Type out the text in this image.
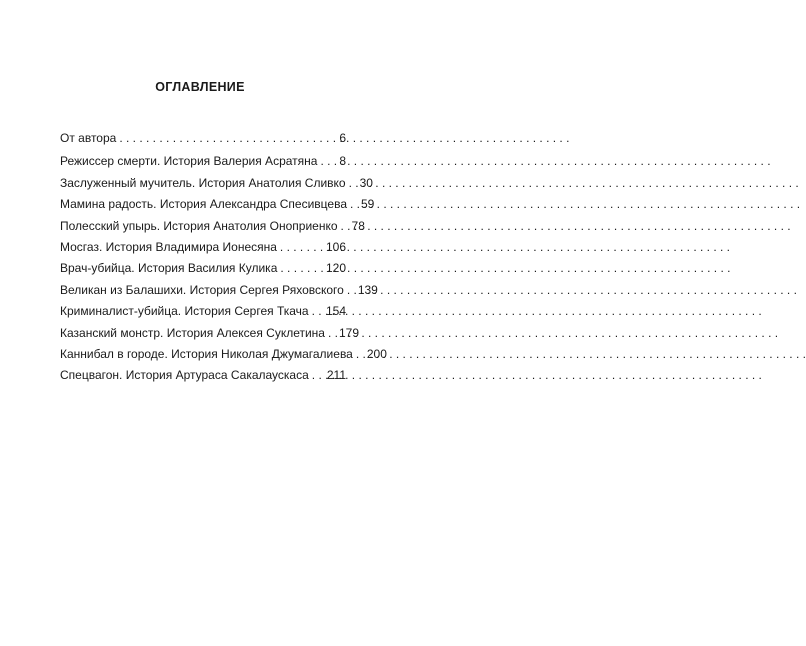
ОГЛАВЛЕНИЕ
От автора . . .	6
Режиссер смерти. История Валерия Асратяна . . . 8
Заслуженный мучитель. История Анатолия Сливко . . . 30
Мамина радость. История Александра Спесивцева . . . 59
Полесский упырь. История Анатолия Оноприенко . . . 78
Мосгаз. История Владимира Ионесяна . . .	106
Врач-убийца. История Василия Кулика . . .	120
Великан из Балашихи. История Сергея Ряховского . . . 139
Криминалист-убийца. История Сергея Ткача . . . 154
Казанский монстр. История Алексея Суклетина . . . 179
Каннибал в городе. История Николая Джумагалиева . . . 200
Спецвагон. История Артураса Сакалаускаса . . . 211
